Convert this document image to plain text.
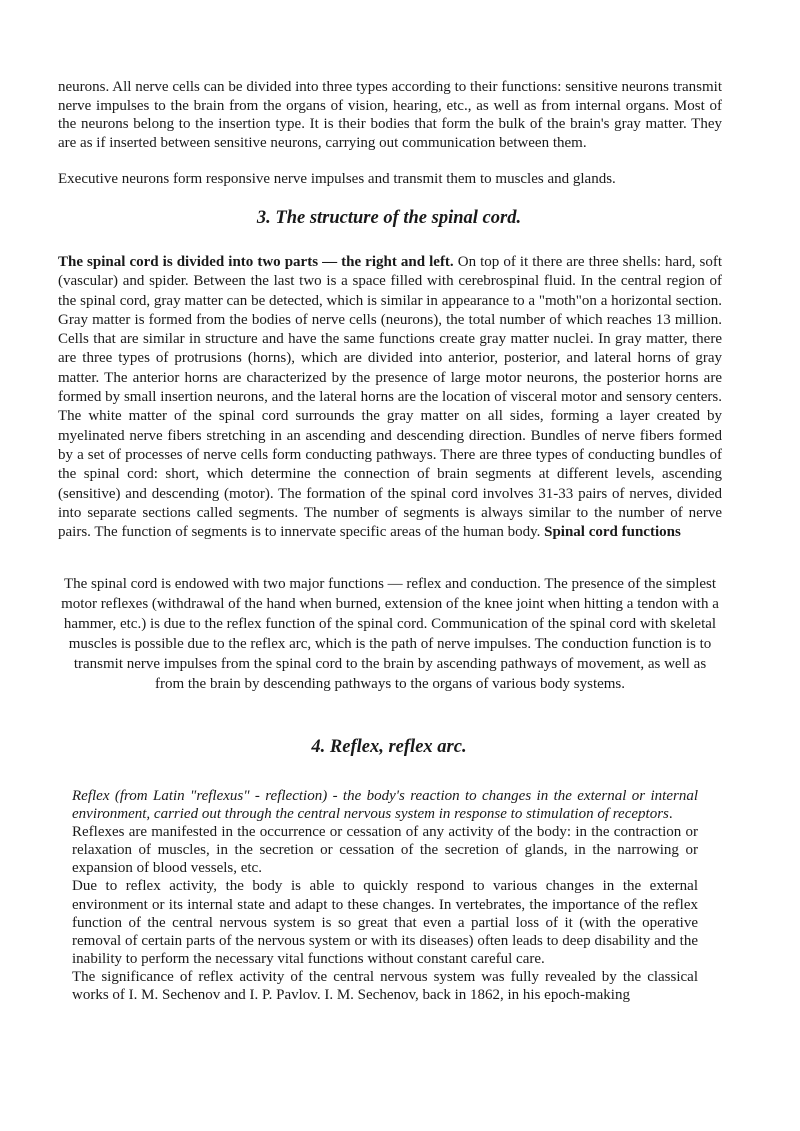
neurons. All nerve cells can be divided into three types according to their functions: sensitive neurons transmit nerve impulses to the brain from the organs of vision, hearing, etc., as well as from internal organs. Most of the neurons belong to the insertion type. It is their bodies that form the bulk of the brain's gray matter. They are as if inserted between sensitive neurons, carrying out communication between them.

Executive neurons form responsive nerve impulses and transmit them to muscles and glands.

3. The structure of the spinal cord.

The spinal cord is divided into two parts — the right and left. On top of it there are three shells: hard, soft (vascular) and spider. Between the last two is a space filled with cerebrospinal fluid. In the central region of the spinal cord, gray matter can be detected, which is similar in appearance to a "moth"on a horizontal section. Gray matter is formed from the bodies of nerve cells (neurons), the total number of which reaches 13 million. Cells that are similar in structure and have the same functions create gray matter nuclei. In gray matter, there are three types of protrusions (horns), which are divided into anterior, posterior, and lateral horns of gray matter. The anterior horns are characterized by the presence of large motor neurons, the posterior horns are formed by small insertion neurons, and the lateral horns are the location of visceral motor and sensory centers. The white matter of the spinal cord surrounds the gray matter on all sides, forming a layer created by myelinated nerve fibers stretching in an ascending and descending direction. Bundles of nerve fibers formed by a set of processes of nerve cells form conducting pathways. There are three types of conducting bundles of the spinal cord: short, which determine the connection of brain segments at different levels, ascending (sensitive) and descending (motor). The formation of the spinal cord involves 31-33 pairs of nerves, divided into separate sections called segments. The number of segments is always similar to the number of nerve pairs. The function of segments is to innervate specific areas of the human body. Spinal cord functions

The spinal cord is endowed with two major functions — reflex and conduction. The presence of the simplest motor reflexes (withdrawal of the hand when burned, extension of the knee joint when hitting a tendon with a hammer, etc.) is due to the reflex function of the spinal cord. Communication of the spinal cord with skeletal muscles is possible due to the reflex arc, which is the path of nerve impulses. The conduction function is to transmit nerve impulses from the spinal cord to the brain by ascending pathways of movement, as well as from the brain by descending pathways to the organs of various body systems.

4. Reflex, reflex arc.

Reflex (from Latin "reflexus" - reflection) - the body's reaction to changes in the external or internal environment, carried out through the central nervous system in response to stimulation of receptors.

Reflexes are manifested in the occurrence or cessation of any activity of the body: in the contraction or relaxation of muscles, in the secretion or cessation of the secretion of glands, in the narrowing or expansion of blood vessels, etc.

Due to reflex activity, the body is able to quickly respond to various changes in the external environment or its internal state and adapt to these changes. In vertebrates, the importance of the reflex function of the central nervous system is so great that even a partial loss of it (with the operative removal of certain parts of the nervous system or with its diseases) often leads to deep disability and the inability to perform the necessary vital functions without constant careful care.

The significance of reflex activity of the central nervous system was fully revealed by the classical works of I. M. Sechenov and I. P. Pavlov. I. M. Sechenov, back in 1862, in his epoch-making
